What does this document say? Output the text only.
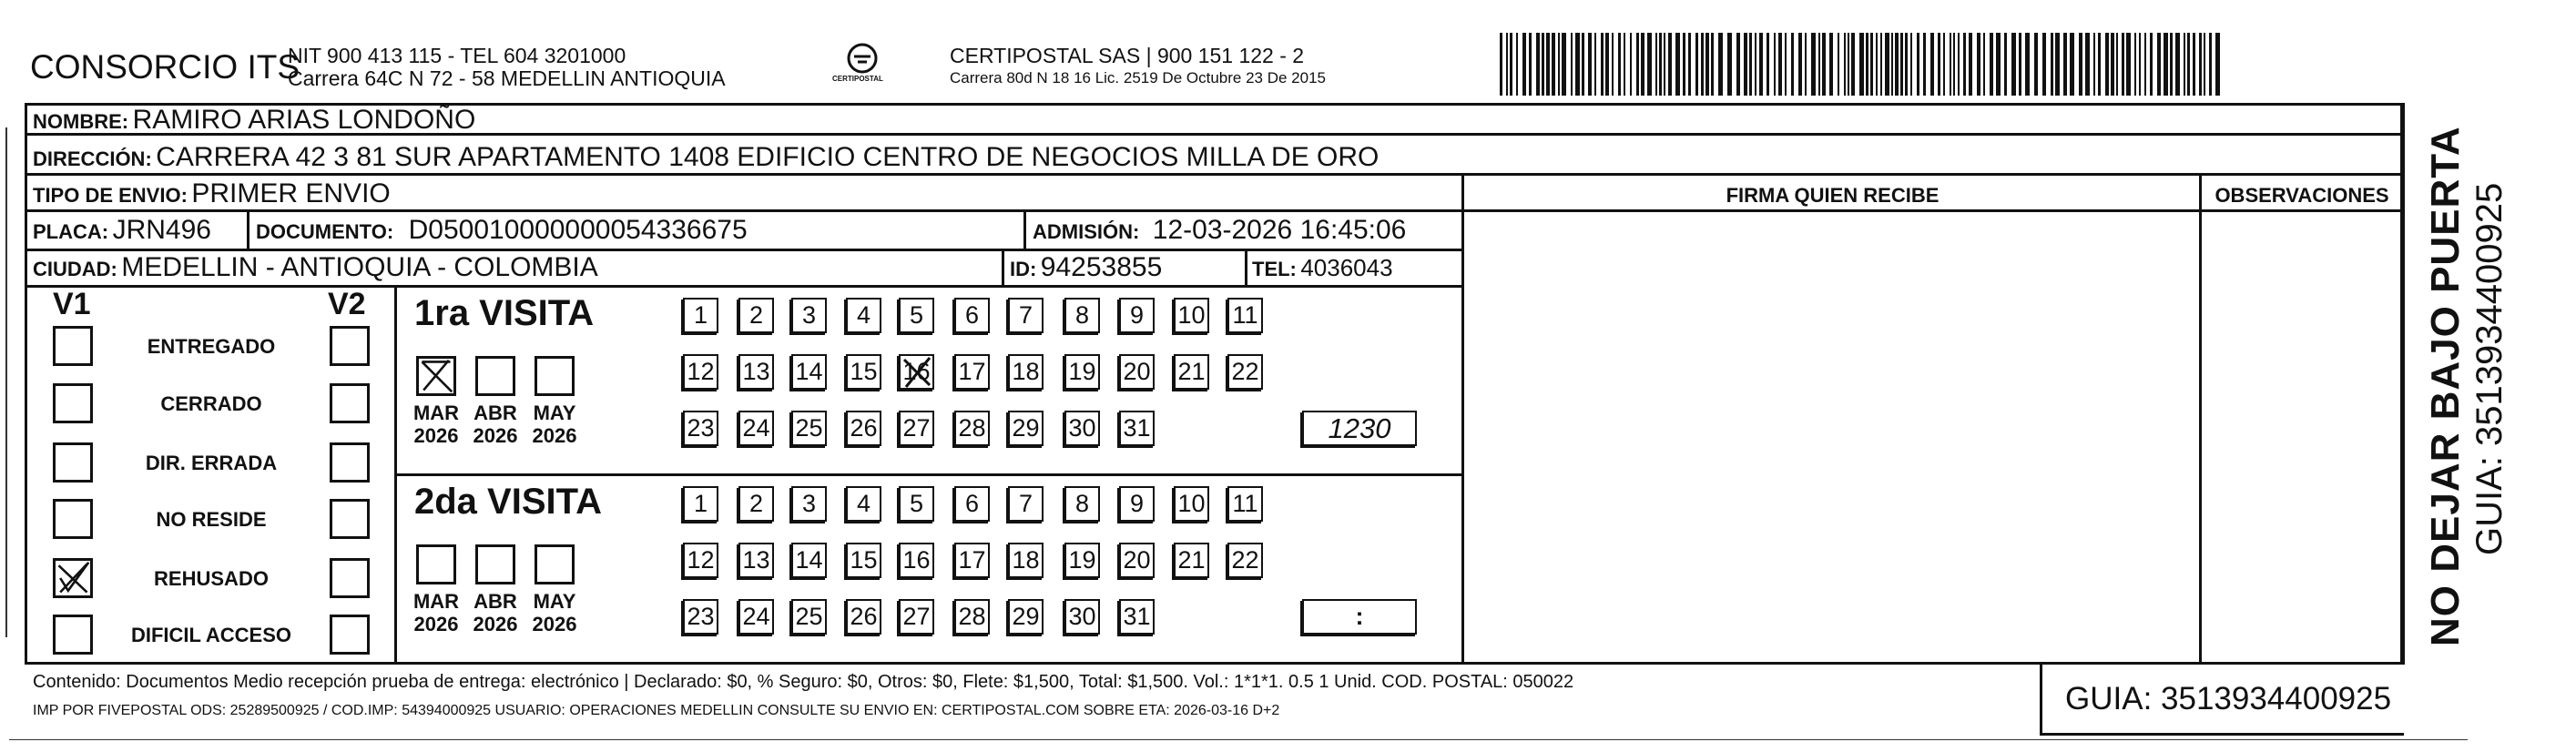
CONSORCIO ITS
NIT 900 413 115 - TEL 604 3201000
Carrera 64C N 72 - 58 MEDELLIN ANTIOQUIA	CERTIPOSTAL
CERTIPOSTAL SAS | 900 151 122 - 2
Carrera 80d N 18 16 Lic. 2519 De Octubre 23 De 2015
NOMBRE: RAMIRO ARIAS LONDOÑO
DIRECCIÓN: CARRERA 42 3 81 SUR APARTAMENTO 1408 EDIFICIO CENTRO DE NEGOCIOS MILLA DE ORO
TIPO DE ENVIO: PRIMER ENVIO	FIRMA QUIEN RECIBE	OBSERVACIONES
PLACA: JRN496 DOCUMENTO: D050010000000054336675	ADMISIÓN: 12-03-2026 16:45:06
CIUDAD: MEDELLIN - ANTIOQUIA - COLOMBIA	ID: 94253855	TEL: 4036043
V1	V2
ENTREGADO
CERRADO
DIR. ERRADA
NO RESIDE
REHUSADO
DIFICIL ACCESO
1ra VISITA
MAR
2026
ABR
2026
MAY
2026
1	2	3	4	5	6	7	8	9	10 11
12 13 14 15 16 17 18 19 20 21 22
23 24 25 26 27 28 29 30 31	1230
2da VISITA
MAR
2026
ABR
2026
MAY
2026
1	2	3	4	5	6	7	8	9	10 11
12 13 14 15 16 17 18 19 20 21 22
23 24 25 26 27 28 29 30 31	:
Contenido: Documentos Medio recepción prueba de entrega: electrónico | Declarado: $0, % Seguro: $0, Otros: $0, Flete: $1,500, Total: $1,500. Vol.: 1*1*1. 0.5 1 Unid. COD. POSTAL: 050022
IMP POR FIVEPOSTAL ODS: 25289500925 / COD.IMP: 54394000925 USUARIO: OPERACIONES MEDELLIN CONSULTE SU ENVIO EN: CERTIPOSTAL.COM SOBRE ETA: 2026-03-16 D+2	GUIA: 3513934400925
NO DEJAR BAJO PUERTA GUIA: 3513934400925
